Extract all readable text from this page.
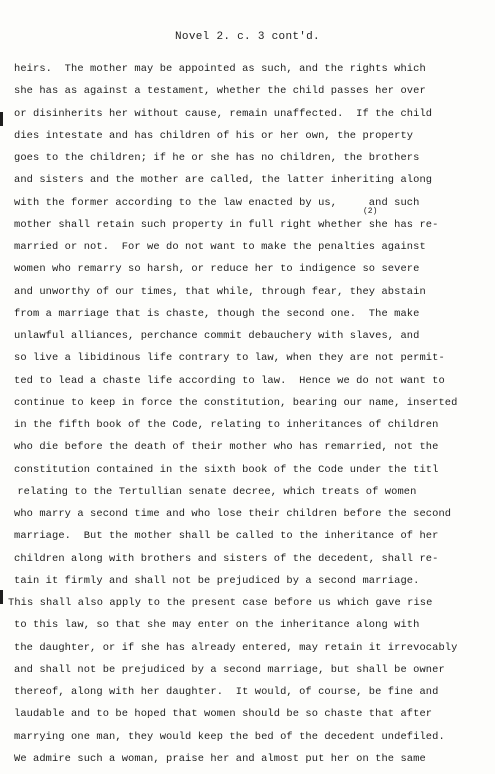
Novel 2. c. 3 cont'd.
(2)
heirs.  The mother may be appointed as such, and the rights which
she has as against a testament, whether the child passes her over
or disinherits her without cause, remain unaffected.  If the child
dies intestate and has children of his or her own, the property
goes to the children; if he or she has no children, the brothers
and sisters and the mother are called, the latter inheriting along
with the former according to the law enacted by us,     and such
mother shall retain such property in full right whether she has re-
married or not.  For we do not want to make the penalties against
women who remarry so harsh, or reduce her to indigence so severe
and unworthy of our times, that while, through fear, they abstain
from a marriage that is chaste, though the second one.  The make
unlawful alliances, perchance commit debauchery with slaves, and
so live a libidinous life contrary to law, when they are not permit-
ted to lead a chaste life according to law.  Hence we do not want to
continue to keep in force the constitution, bearing our name, inserted
in the fifth book of the Code, relating to inheritances of children
who die before the death of their mother who has remarried, not the
constitution contained in the sixth book of the Code under the titl
relating to the Tertullian senate decree, which treats of women
who marry a second time and who lose their children before the second
marriage.  But the mother shall be called to the inheritance of her
children along with brothers and sisters of the decedent, shall re-
tain it firmly and shall not be prejudiced by a second marriage.
This shall also apply to the present case before us which gave rise
to this law, so that she may enter on the inheritance along with
the daughter, or if she has already entered, may retain it irrevocably
and shall not be prejudiced by a second marriage, but shall be owner
thereof, along with her daughter.  It would, of course, be fine and
laudable and to be hoped that women should be so chaste that after
marrying one man, they would keep the bed of the decedent undefiled.
We admire such a woman, praise her and almost put her on the same
